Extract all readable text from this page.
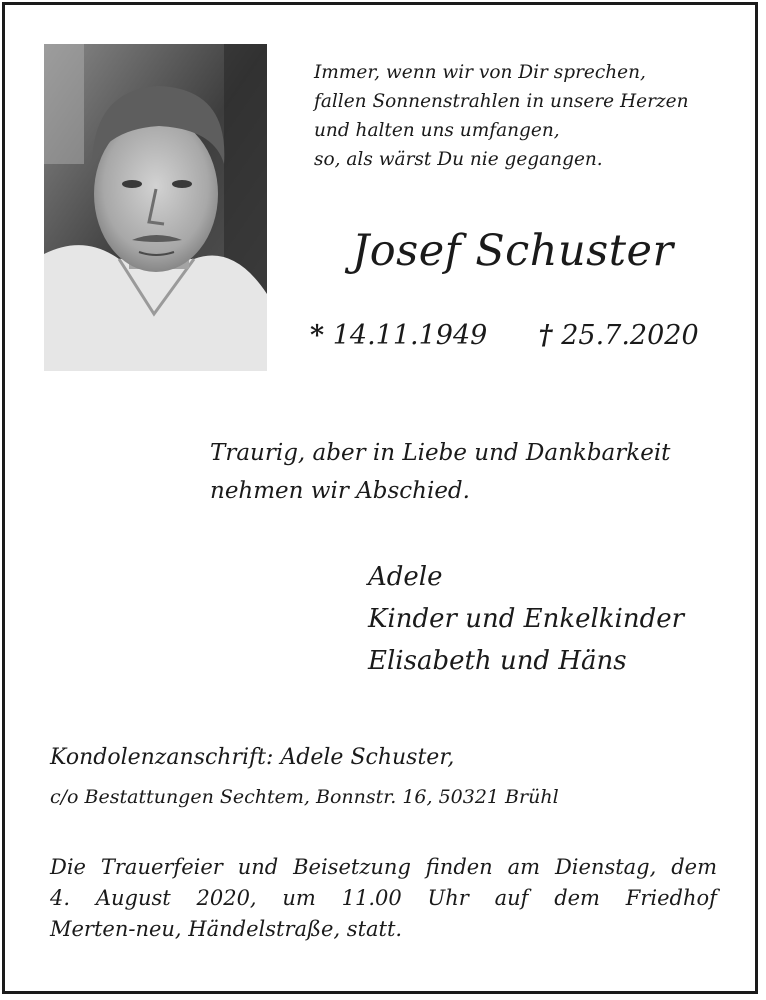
Immer, wenn wir von Dir sprechen,
fallen Sonnenstrahlen in unsere Herzen
und halten uns umfangen,
so, als wärst Du nie gegangen.
Josef Schuster
* 14.11.1949 † 25.7.2020
Traurig, aber in Liebe und Dankbarkeit
nehmen wir Abschied.
Adele
Kinder und Enkelkinder
Elisabeth und Häns
Kondolenzanschrift: Adele Schuster,
c/o Bestattungen Sechtem, Bonnstr. 16, 50321 Brühl
Die Trauerfeier und Beisetzung finden am Dienstag, dem
4. August 2020, um 11.00 Uhr auf dem Friedhof
Merten-neu, Händelstraße, statt.
